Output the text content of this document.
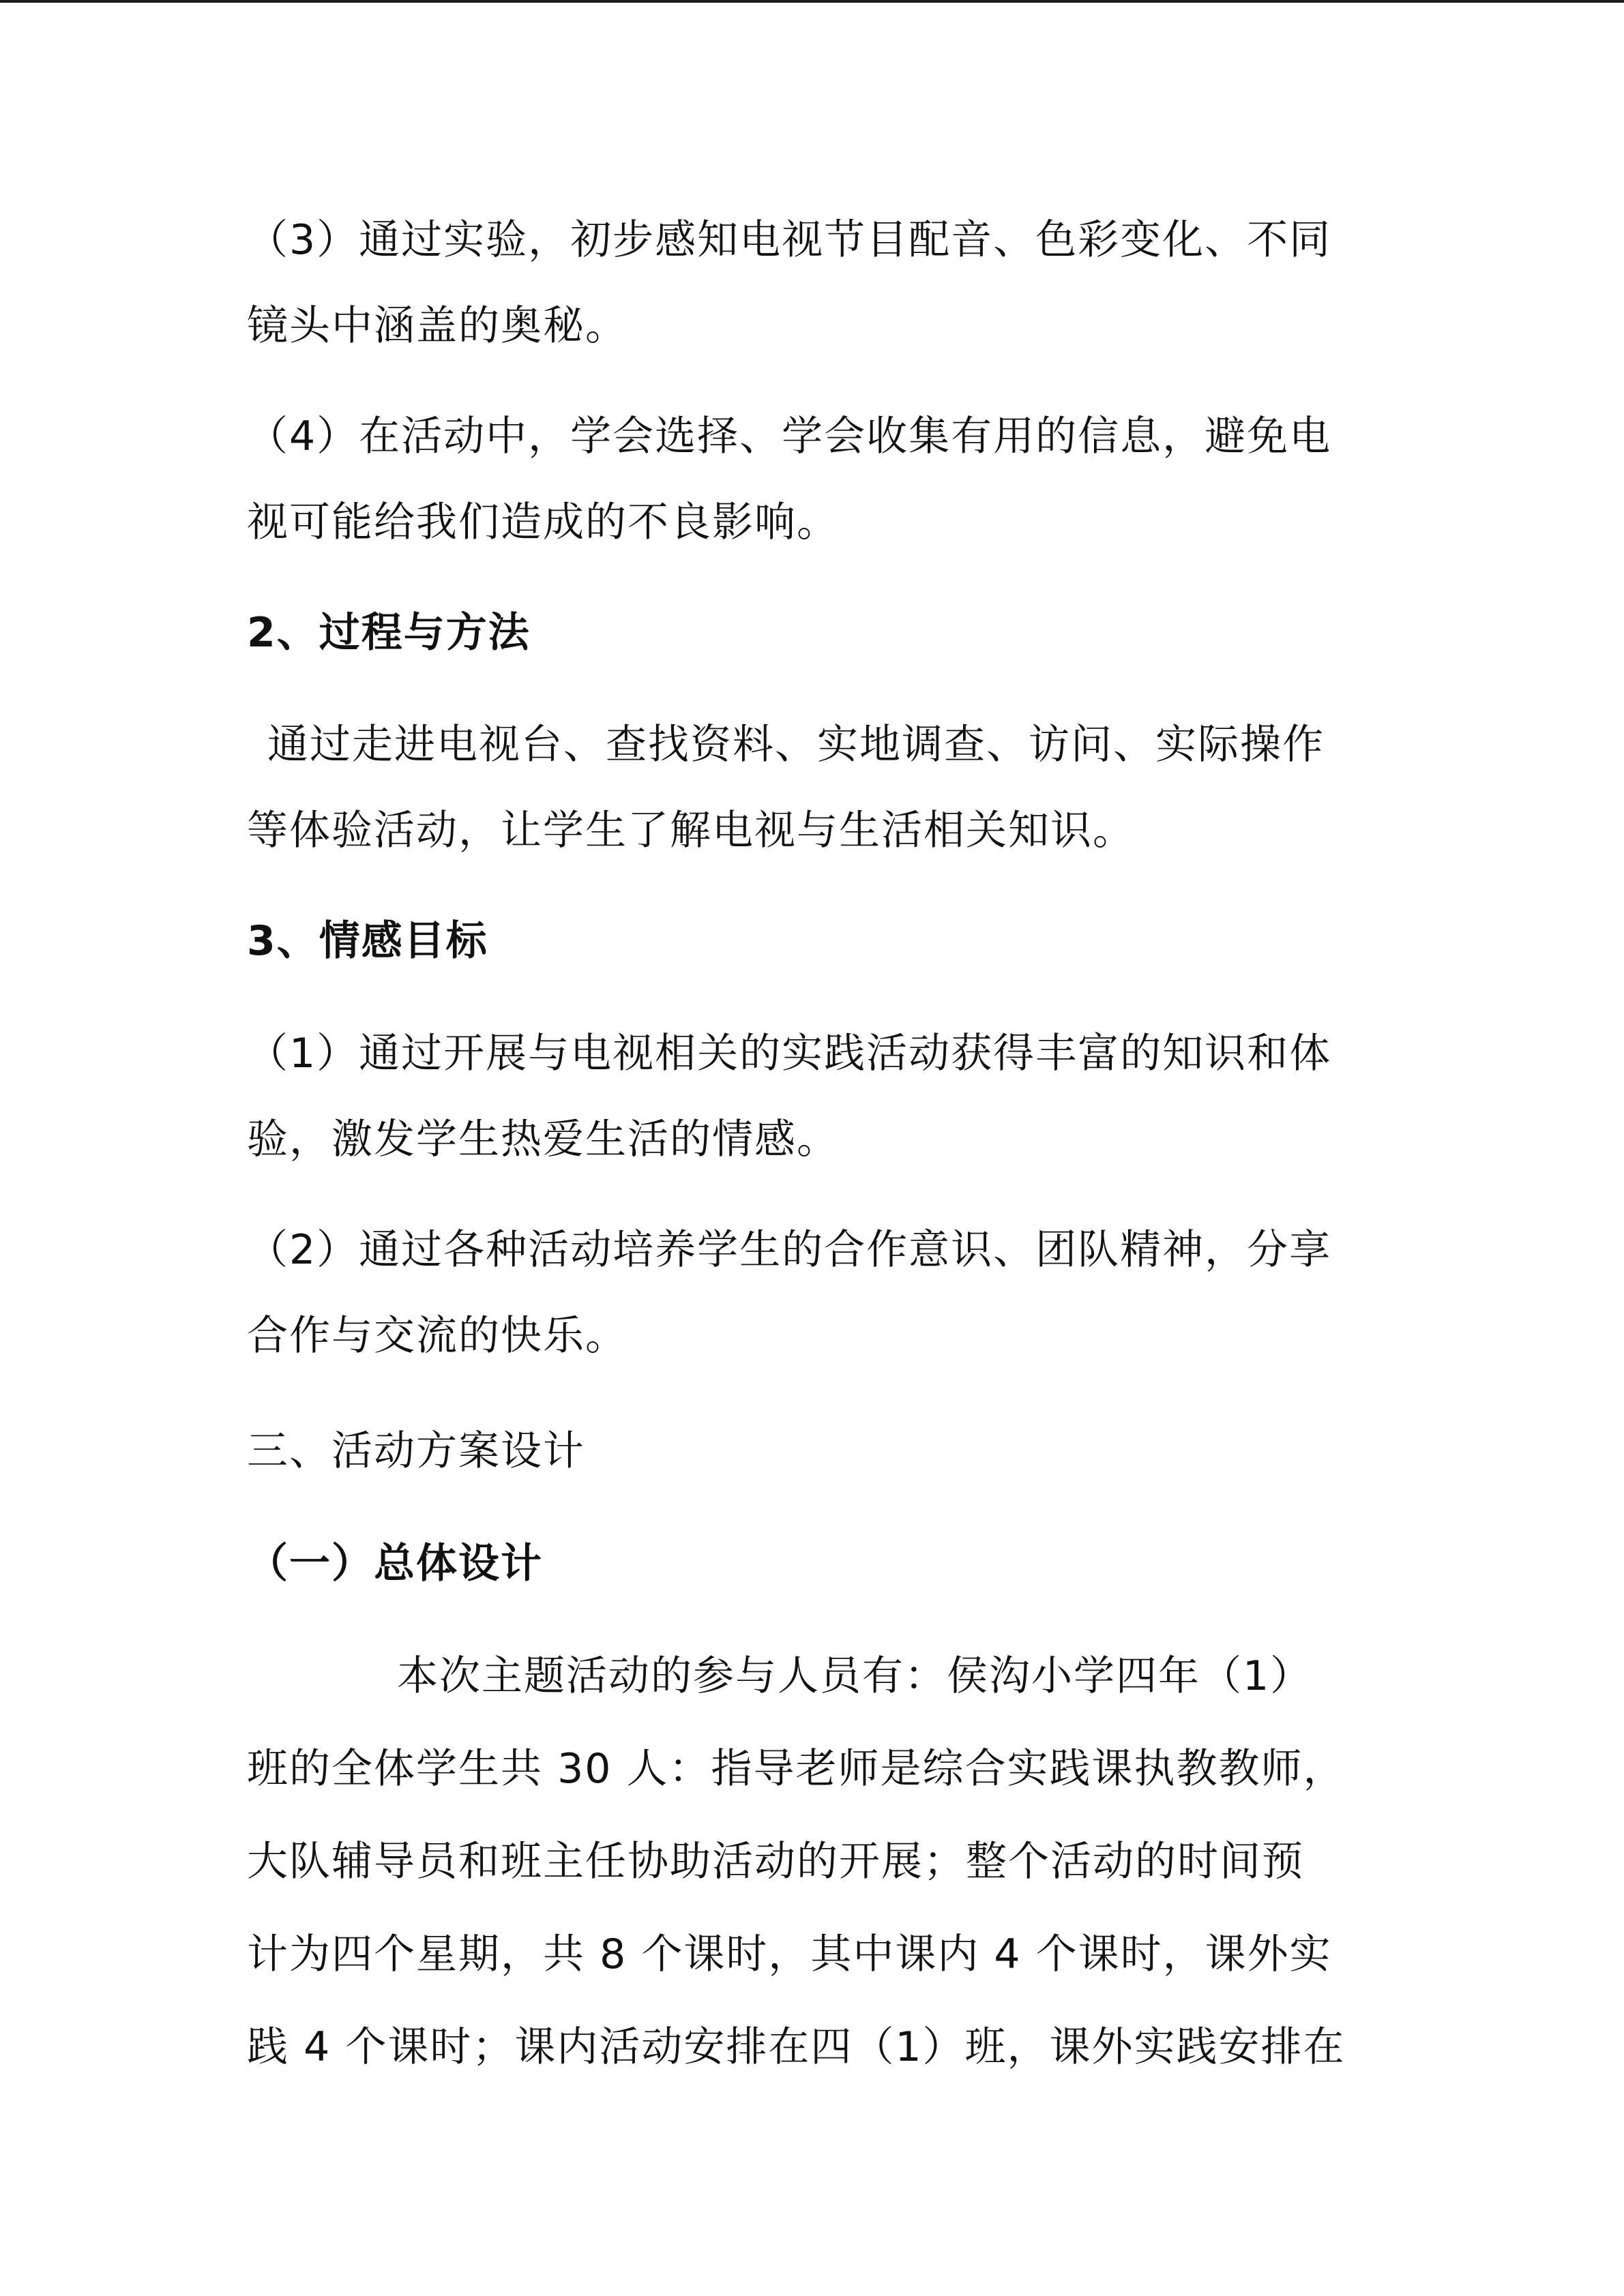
（3）通过实验，初步感知电视节目配音、色彩变化、不同
镜头中涵盖的奥秘。
（4）在活动中，学会选择、学会收集有用的信息，避免电
视可能给我们造成的不良影响。
2、过程与方法
通过走进电视台、查找资料、实地调查、访问、实际操作
等体验活动，让学生了解电视与生活相关知识。
3、情感目标
（1）通过开展与电视相关的实践活动获得丰富的知识和体
验，激发学生热爱生活的情感。
（2）通过各种活动培养学生的合作意识、团队精神，分享
合作与交流的快乐。
三、活动方案设计
（一）总体设计
本次主题活动的参与人员有：侯沟小学四年（1）
班的全体学生共 30 人：指导老师是综合实践课执教教师，
大队辅导员和班主任协助活动的开展；整个活动的时间预
计为四个星期，共 8 个课时，其中课内 4 个课时，课外实
践 4 个课时；课内活动安排在四（1）班，课外实践安排在
